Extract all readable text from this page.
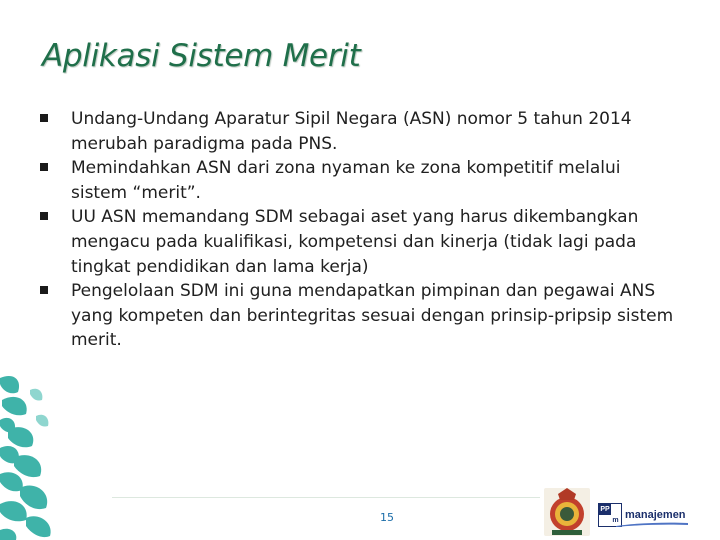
Aplikasi Sistem Merit
Undang-Undang Aparatur Sipil Negara (ASN) nomor 5 tahun 2014 merubah paradigma pada PNS.
Memindahkan ASN dari zona nyaman ke zona kompetitif melalui sistem “merit”.
UU ASN memandang SDM sebagai aset yang harus dikembangkan mengacu pada kualifikasi, kompetensi dan kinerja (tidak lagi pada tingkat pendidikan dan lama kerja)
Pengelolaan SDM ini guna mendapatkan pimpinan dan pegawai ANS yang kompeten dan berintegritas sesuai dengan prinsip-pripsip sistem merit.
15
PP
m manajemen
